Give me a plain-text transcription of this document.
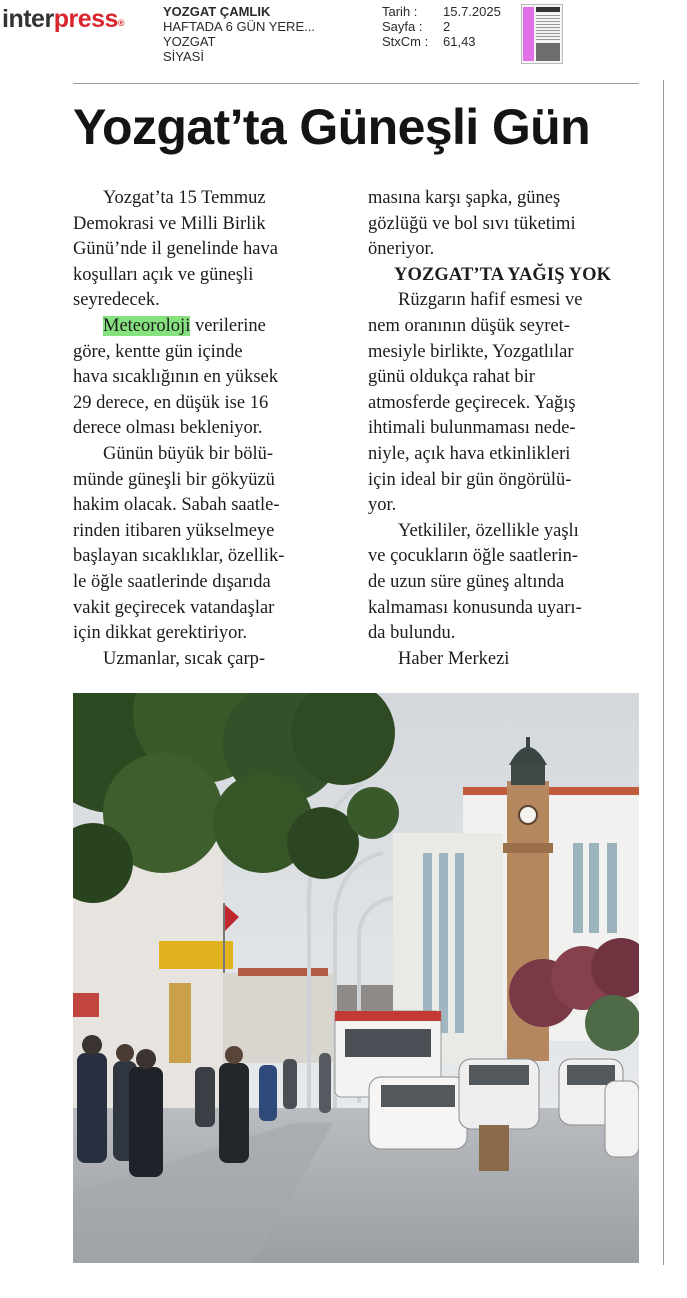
interpress®
YOZGAT ÇAMLIK
HAFTADA 6 GÜN YERE...
YOZGAT
SİYASİ
Tarih :
Sayfa :
StxCm :
15.7.2025
2
61,43
Yozgat’ta Güneşli Gün
Yozgat’ta 15 Temmuz
Demokrasi ve Milli Birlik
Günü’nde il genelinde hava
koşulları açık ve güneşli
seyredecek.
Meteoroloji verilerine
göre, kentte gün içinde
hava sıcaklığının en yüksek
29 derece, en düşük ise 16
derece olması bekleniyor.
Günün büyük bir bölü-
münde güneşli bir gökyüzü
hakim olacak. Sabah saatle-
rinden itibaren yükselmeye
başlayan sıcaklıklar, özellik-
le öğle saatlerinde dışarıda
vakit geçirecek vatandaşlar
için dikkat gerektiriyor.
Uzmanlar, sıcak çarp-
masına karşı şapka, güneş
gözlüğü ve bol sıvı tüketimi
öneriyor.
YOZGAT’TA YAĞIŞ YOK
Rüzgarın hafif esmesi ve
nem oranının düşük seyret-
mesiyle birlikte, Yozgatlılar
günü oldukça rahat bir
atmosferde geçirecek. Yağış
ihtimali bulunmaması nede-
niyle, açık hava etkinlikleri
için ideal bir gün öngörülü-
yor.
Yetkililer, özellikle yaşlı
ve çocukların öğle saatlerin-
de uzun süre güneş altında
kalmaması konusunda uyarı-
da bulundu.
Haber Merkezi
